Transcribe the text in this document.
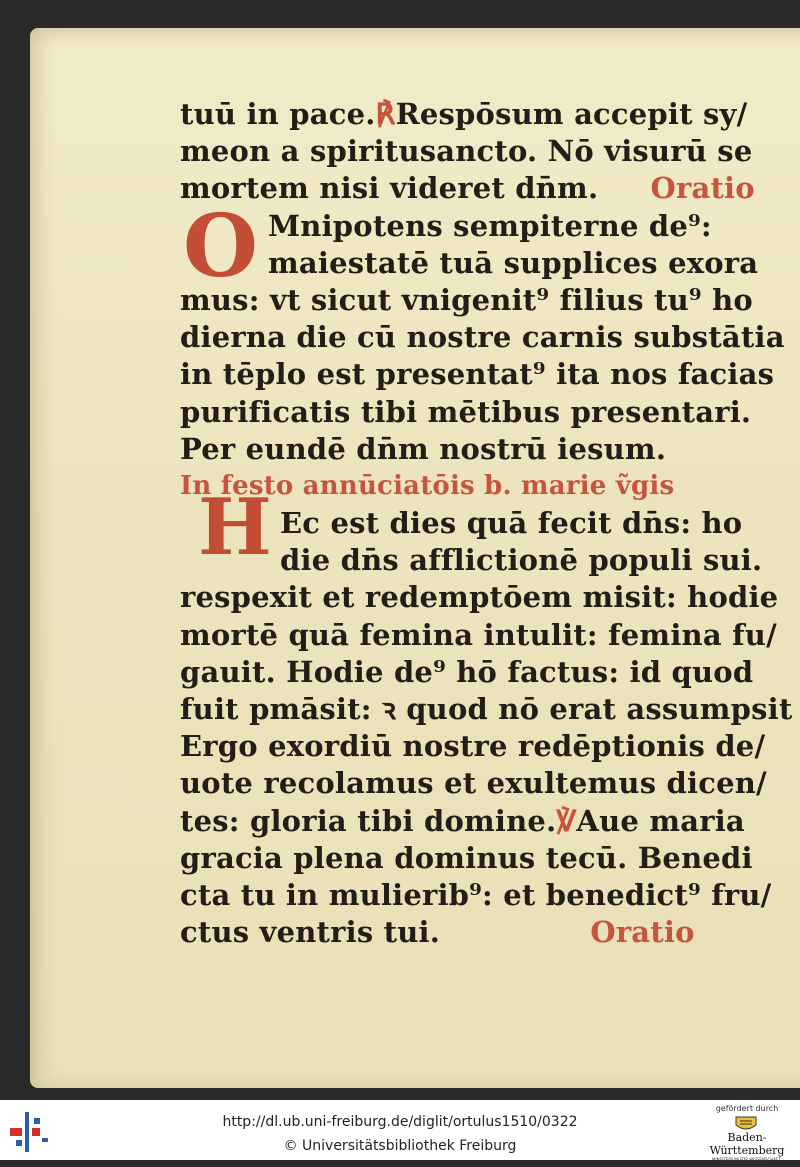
O
H
tuū in pace.℟Respōsum accepit sy/
meon a spiritusancto. Nō visurū se
mortem nisi videret dn̄m. Oratio
Mnipotens sempiterne de⁹:
maiestatē tuā supplices exora
mus: vt sicut vnigenit⁹ filius tu⁹ ho
dierna die cū nostre carnis substātia
in tēplo est presentat⁹ ita nos facias
purificatis tibi mētibus presentari.
Per eundē dn̄m nostrū iesum.
In festo annūciatōis b. marie ṽgis
Ec est dies quā fecit dn̄s: ho
die dn̄s afflictionē populi sui.
respexit et redemptōem misit: hodie
mortē quā femina intulit: femina fu/
gauit. Hodie de⁹ hō factus: id quod
fuit pmāsit: ꝛ quod nō erat assumpsit
Ergo exordiū nostre redēptionis de/
uote recolamus et exultemus dicen/
tes: gloria tibi domine.℣Aue maria
gracia plena dominus tecū. Benedi
cta tu in mulierib⁹: et benedict⁹ fru/
ctus ventris tui.	Oratio
http://dl.ub.uni-freiburg.de/diglit/ortulus1510/0322
© Universitätsbibliothek Freiburg
gefördert durch
Baden-Württemberg
MINISTERIUM FÜR WISSENSCHAFT, FORSCHUNG UND KUNST
